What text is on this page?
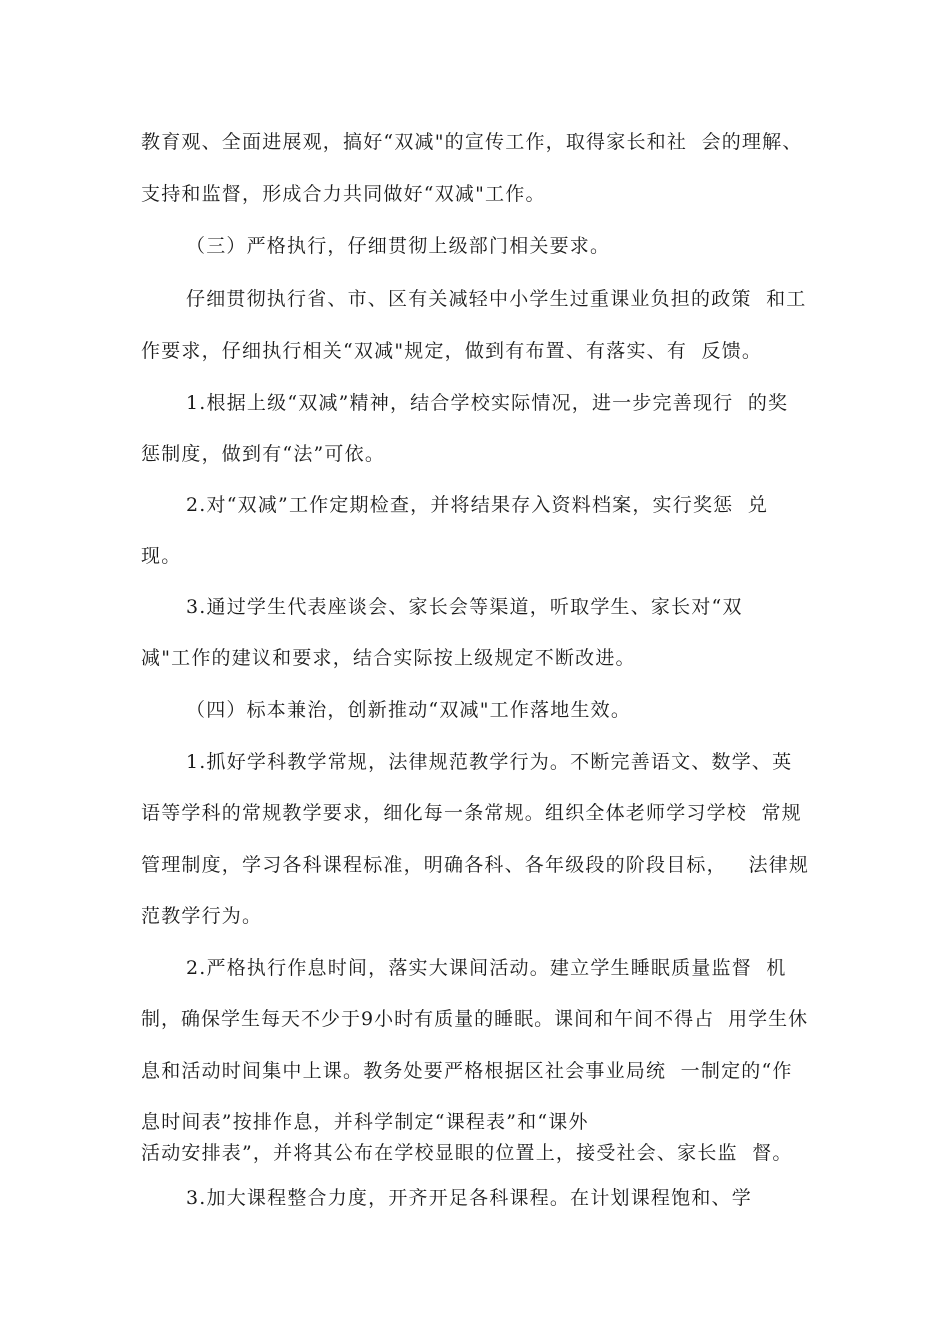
教育观、全面进展观，搞好“双减"的宣传工作，取得家长和社  会的理解、
支持和监督，形成合力共同做好“双减"工作。
（三）严格执行，仔细贯彻上级部门相关要求。
仔细贯彻执行省、市、区有关减轻中小学生过重课业负担的政策  和工
作要求，仔细执行相关“双减"规定，做到有布置、有落实、有  反馈。
1.根据上级“双减”精神，结合学校实际情况，进一步完善现行  的奖
惩制度，做到有“法”可依。
2.对“双减”工作定期检查，并将结果存入资料档案，实行奖惩  兑
现。
3.通过学生代表座谈会、家长会等渠道，听取学生、家长对“双
减"工作的建议和要求，结合实际按上级规定不断改进。
（四）标本兼治，创新推动“双减"工作落地生效。
1.抓好学科教学常规，法律规范教学行为。不断完善语文、数学、英
语等学科的常规教学要求，细化每一条常规。组织全体老师学习学校  常规
管理制度，学习各科课程标准，明确各科、各年级段的阶段目标，   法律规
范教学行为。
2.严格执行作息时间，落实大课间活动。建立学生睡眠质量监督  机
制，确保学生每天不少于9小时有质量的睡眠。课间和午间不得占  用学生休
息和活动时间集中上课。教务处要严格根据区社会事业局统  一制定的“作
息时间表”按排作息，并科学制定“课程表”和“课外
活动安排表”，并将其公布在学校显眼的位置上，接受社会、家长监  督。
3.加大课程整合力度，开齐开足各科课程。在计划课程饱和、学
